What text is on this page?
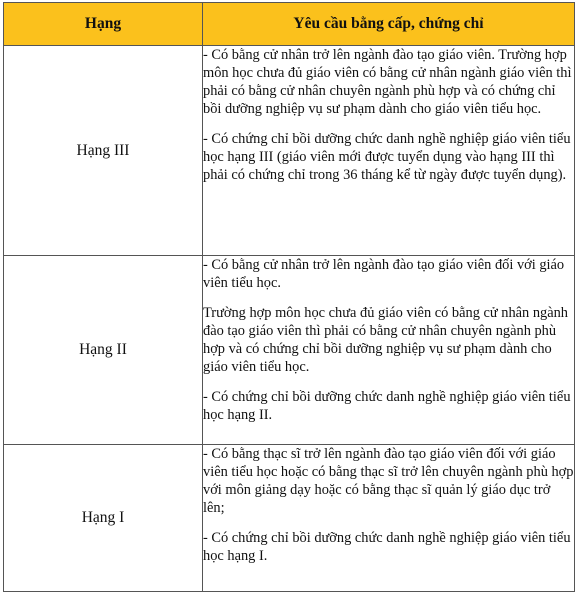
Hạng	Yêu cầu bằng cấp, chứng chỉ
Hạng III	- Có bằng cử nhân trở lên ngành đào tạo giáo viên. Trường hợp môn học chưa đủ giáo viên có bằng cử nhân ngành giáo viên thì phải có bằng cử nhân chuyên ngành phù hợp và có chứng chỉ bồi dưỡng nghiệp vụ sư phạm dành cho giáo viên tiểu học.

- Có chứng chỉ bồi dưỡng chức danh nghề nghiệp giáo viên tiểu học hạng III (giáo viên mới được tuyển dụng vào hạng III thì phải có chứng chỉ trong 36 tháng kể từ ngày được tuyển dụng).

Hạng II	- Có bằng cử nhân trở lên ngành đào tạo giáo viên đối với giáo viên tiểu học.

Trường hợp môn học chưa đủ giáo viên có bằng cử nhân ngành đào tạo giáo viên thì phải có bằng cử nhân chuyên ngành phù hợp và có chứng chỉ bồi dưỡng nghiệp vụ sư phạm dành cho giáo viên tiểu học.

- Có chứng chỉ bồi dưỡng chức danh nghề nghiệp giáo viên tiểu học hạng II.

Hạng I	- Có bằng thạc sĩ trở lên ngành đào tạo giáo viên đối với giáo viên tiểu học hoặc có bằng thạc sĩ trở lên chuyên ngành phù hợp với môn giảng dạy hoặc có bằng thạc sĩ quản lý giáo dục trở lên;

- Có chứng chỉ bồi dưỡng chức danh nghề nghiệp giáo viên tiểu học hạng I.
